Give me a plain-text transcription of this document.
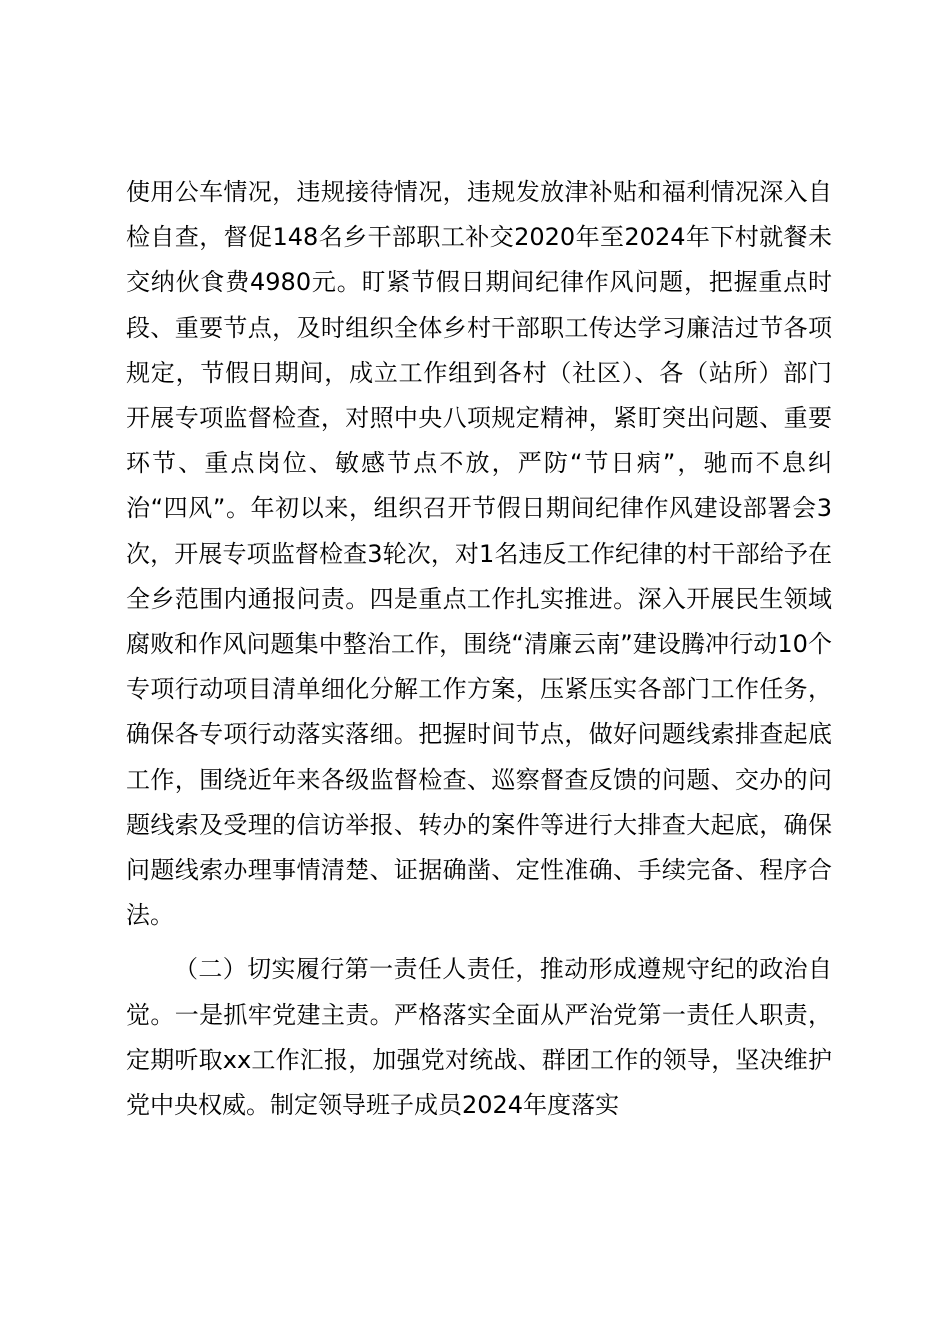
使用公车情况，违规接待情况，违规发放津补贴和福利情况深入自检自查，督促148名乡干部职工补交2020年至2024年下村就餐未交纳伙食费4980元。盯紧节假日期间纪律作风问题，把握重点时段、重要节点，及时组织全体乡村干部职工传达学习廉洁过节各项规定，节假日期间，成立工作组到各村（社区）、各（站所）部门开展专项监督检查，对照中央八项规定精神，紧盯突出问题、重要环节、重点岗位、敏感节点不放，严防“节日病”，驰而不息纠治“四风”。年初以来，组织召开节假日期间纪律作风建设部署会3次，开展专项监督检查3轮次，对1名违反工作纪律的村干部给予在全乡范围内通报问责。四是重点工作扎实推进。深入开展民生领域腐败和作风问题集中整治工作，围绕“清廉云南”建设腾冲行动10个专项行动项目清单细化分解工作方案，压紧压实各部门工作任务，确保各专项行动落实落细。把握时间节点，做好问题线索排查起底工作，围绕近年来各级监督检查、巡察督查反馈的问题、交办的问题线索及受理的信访举报、转办的案件等进行大排查大起底，确保问题线索办理事情清楚、证据确凿、定性准确、手续完备、程序合法。

（二）切实履行第一责任人责任，推动形成遵规守纪的政治自觉。一是抓牢党建主责。严格落实全面从严治党第一责任人职责，定期听取xx工作汇报，加强党对统战、群团工作的领导，坚决维护党中央权威。制定领导班子成员2024年度落实
